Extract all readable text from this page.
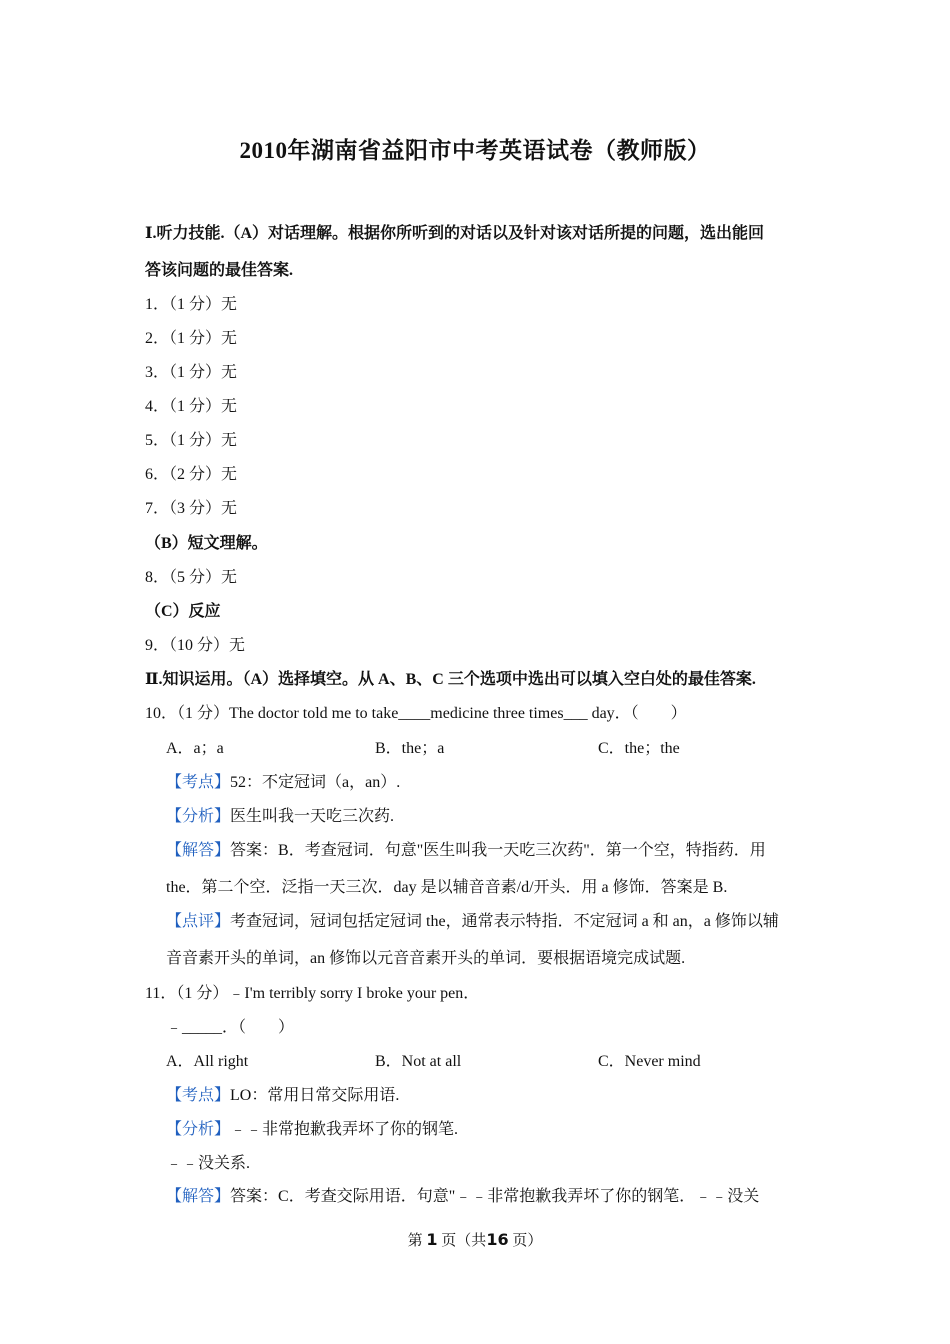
2010年湖南省益阳市中考英语试卷（教师版）
Ⅰ.听力技能.（A）对话理解。根据你所听到的对话以及针对该对话所提的问题，选出能回
答该问题的最佳答案.
1．（1 分）无
2．（1 分）无
3．（1 分）无
4．（1 分）无
5．（1 分）无
6．（2 分）无
7．（3 分）无
（B）短文理解。
8．（5 分）无
（C）反应
9．（10 分）无
Ⅱ.知识运用。（A）选择填空。从 A、B、C 三个选项中选出可以填入空白处的最佳答案.
10．（1 分）The doctor told me to take____medicine three times___ day．（　　）
A．a；a	B．the；a	C．the；the
【考点】52：不定冠词（a，an）.
【分析】医生叫我一天吃三次药.
【解答】答案：B．考查冠词．句意"医生叫我一天吃三次药"．第一个空，特指药．用
the．第二个空．泛指一天三次．day 是以辅音音素/d/开头．用 a 修饰．答案是 B.
【点评】考查冠词，冠词包括定冠词 the，通常表示特指．不定冠词 a 和 an，a 修饰以辅
音音素开头的单词，an 修饰以元音音素开头的单词．要根据语境完成试题.
11．（1 分）﹣I'm terribly sorry I broke your pen．
﹣_____．（　　）
A．All right	B．Not at all	C．Never mind
【考点】LO：常用日常交际用语.
【分析】﹣﹣非常抱歉我弄坏了你的钢笔.
﹣﹣没关系.
【解答】答案：C．考查交际用语．句意"﹣﹣非常抱歉我弄坏了你的钢笔．﹣﹣没关
第 1 页（共16 页）
